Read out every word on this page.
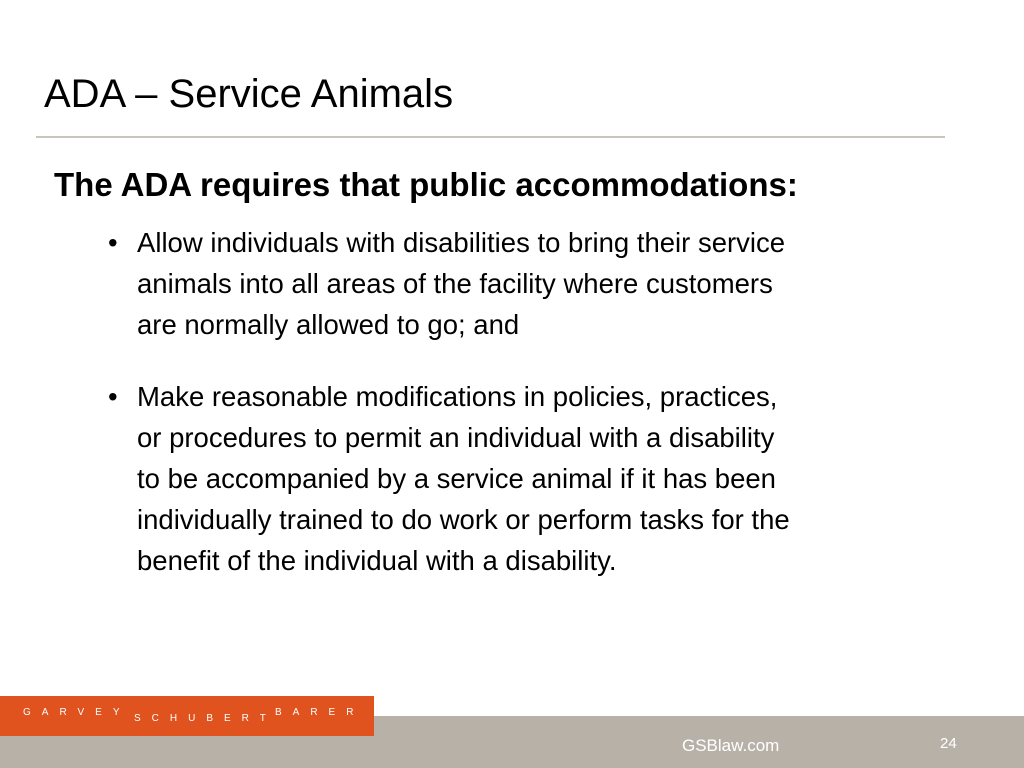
ADA – Service Animals
The ADA requires that public accommodations:
• Allow individuals with disabilities to bring their service
animals into all areas of the facility where customers
are normally allowed to go; and
• Make reasonable modifications in policies, practices,
or procedures to permit an individual with a disability
to be accompanied by a service animal if it has been
individually trained to do work or perform tasks for the
benefit of the individual with a disability.
GARVEY
SCHUBERT
BARER
GSBlaw.com	24
